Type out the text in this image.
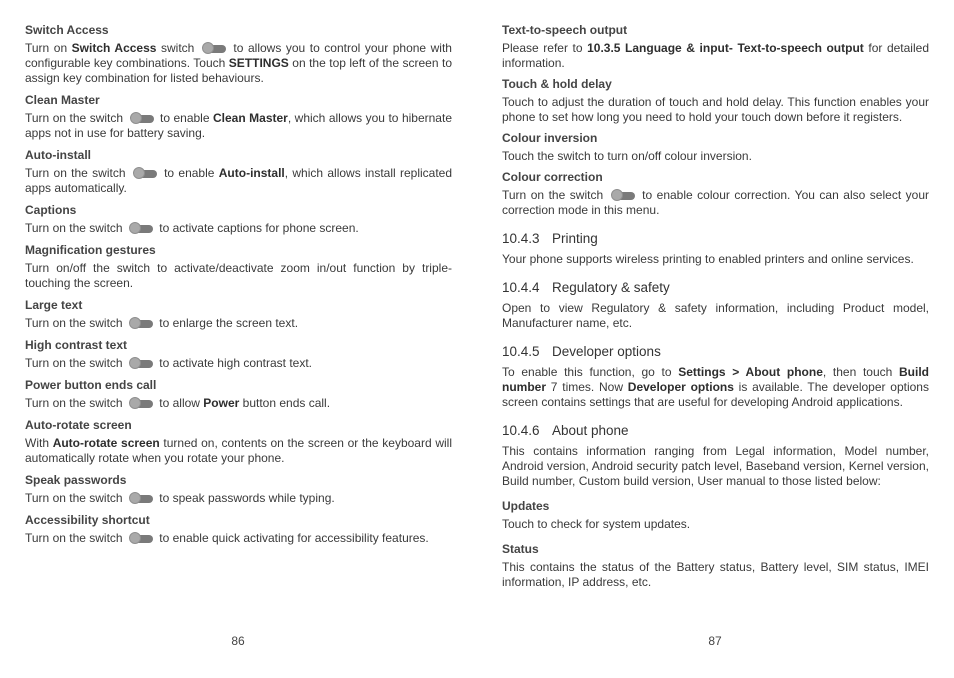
Switch Access

Turn on Switch Access switch	to allows you to control your phone with configurable key combinations. Touch SETTINGS on the top left of the screen to assign key combination for listed behaviours.

Clean Master

Turn on the switch	to enable Clean Master, which allows you to hibernate apps not in use for battery saving.

Auto-install

Turn on the switch	to enable Auto-install, which allows install replicated apps automatically.

Captions

Turn on the switch	to activate captions for phone screen.

Magnification gestures

Turn on/off the switch to activate/deactivate zoom in/out function by triple-touching the screen.

Large text

Turn on the switch	to enlarge the screen text.

High contrast text

Turn on the switch	to activate high contrast text.

Power button ends call

Turn on the switch	to allow Power button ends call.

Auto-rotate screen

With Auto-rotate screen turned on, contents on the screen or the keyboard will automatically rotate when you rotate your phone.

Speak passwords

Turn on the switch	to speak passwords while typing.

Accessibility shortcut

Turn on the switch	to enable quick activating for accessibility features.

Text-to-speech output

Please refer to 10.3.5 Language & input- Text-to-speech output for detailed information.

Touch & hold delay

Touch to adjust the duration of touch and hold delay. This function enables your phone to set how long you need to hold your touch down before it registers.

Colour inversion

Touch the switch to turn on/off colour inversion.

Colour correction

Turn on the switch	to enable colour correction. You can also select your correction mode in this menu.

10.4.3 Printing

Your phone supports wireless printing to enabled printers and online services.

10.4.4 Regulatory & safety

Open to view Regulatory & safety information, including Product model, Manufacturer name, etc.

10.4.5 Developer options

To enable this function, go to Settings > About phone, then touch Build number 7 times. Now Developer options is available. The developer options screen contains settings that are useful for developing Android applications.

10.4.6 About phone

This contains information ranging from Legal information, Model number, Android version, Android security patch level, Baseband version, Kernel version, Build number, Custom build version, User manual to those listed below:

Updates

Touch to check for system updates.

Status

This contains the status of the Battery status, Battery level, SIM status, IMEI information, IP address, etc.

86	87
